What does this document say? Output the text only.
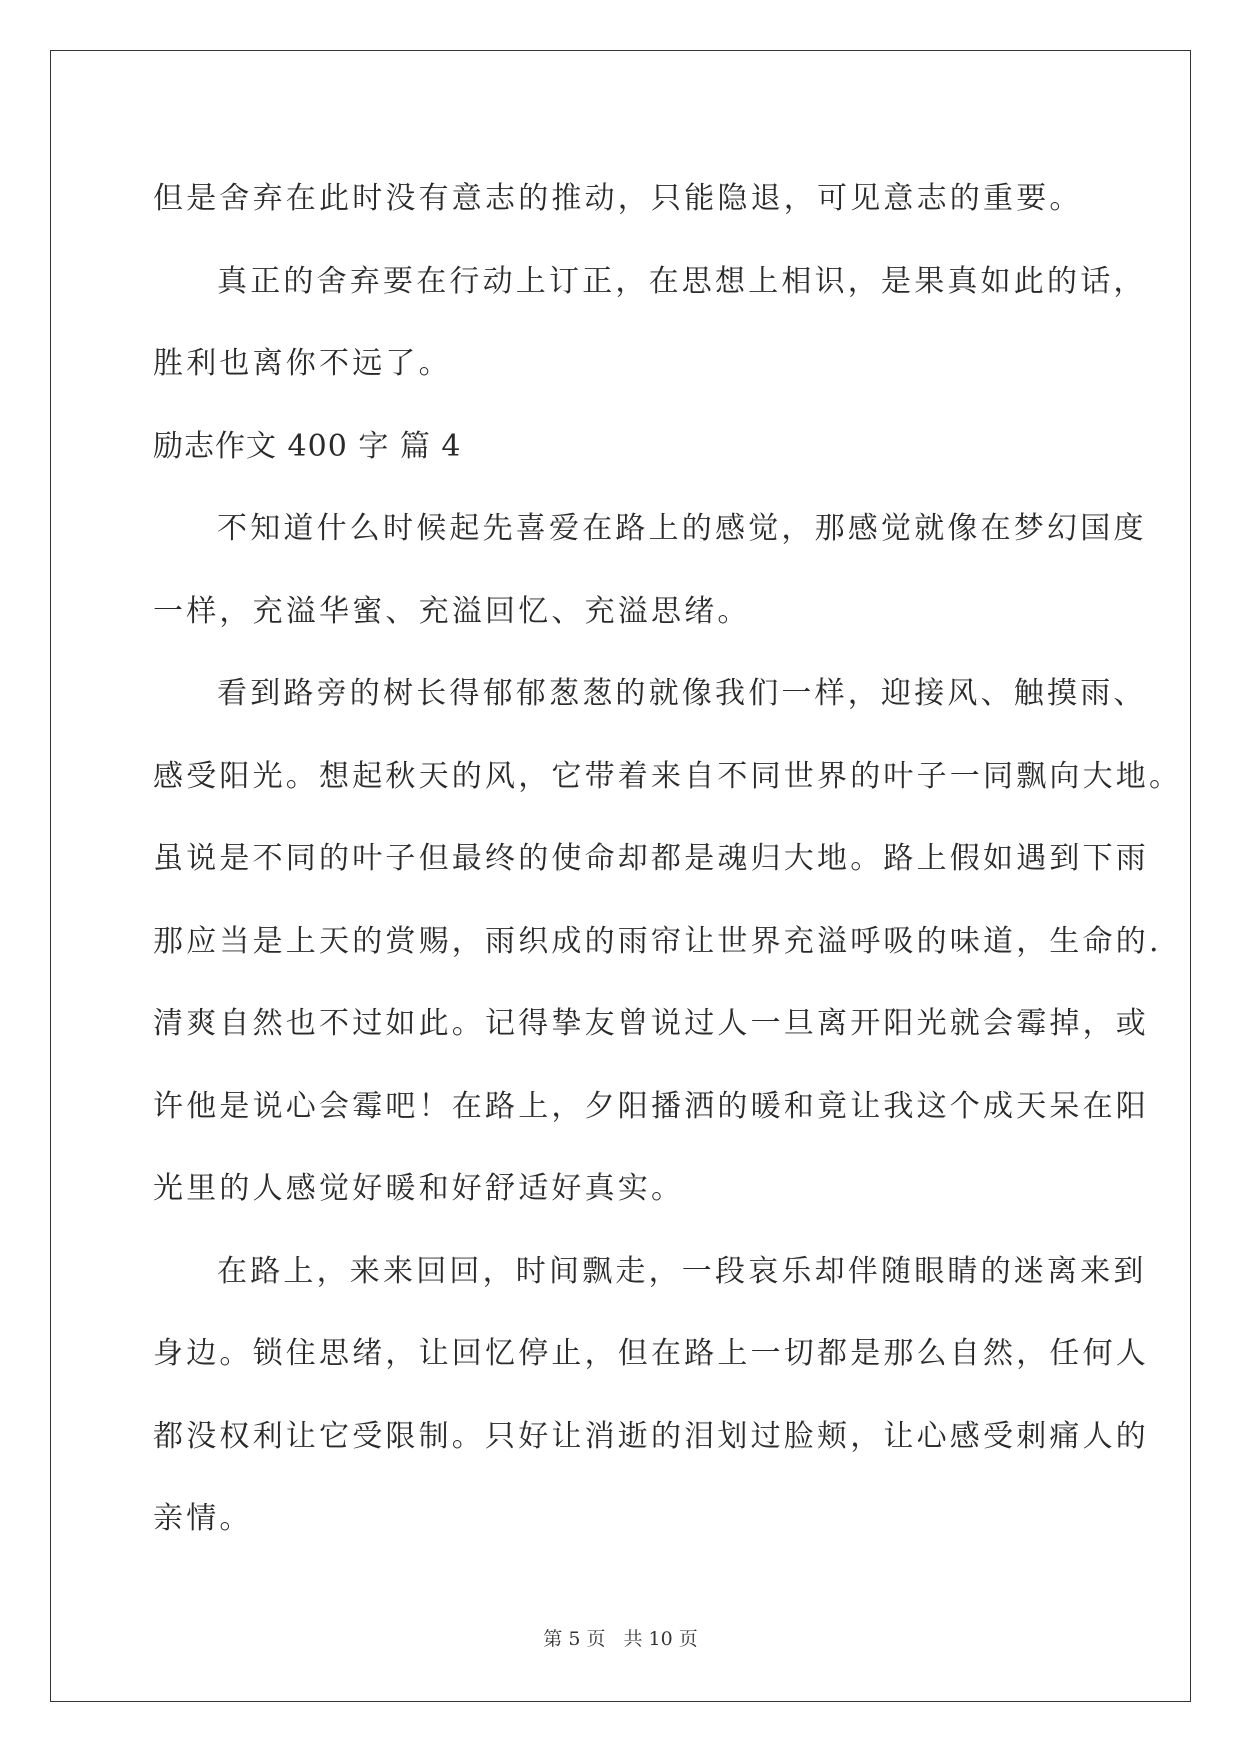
但是舍弃在此时没有意志的推动，只能隐退，可见意志的重要。
真正的舍弃要在行动上订正，在思想上相识，是果真如此的话，
胜利也离你不远了。
励志作文 400 字 篇 4
不知道什么时候起先喜爱在路上的感觉，那感觉就像在梦幻国度
一样，充溢华蜜、充溢回忆、充溢思绪。
看到路旁的树长得郁郁葱葱的就像我们一样，迎接风、触摸雨、
感受阳光。想起秋天的风，它带着来自不同世界的叶子一同飘向大地。
虽说是不同的叶子但最终的使命却都是魂归大地。路上假如遇到下雨
那应当是上天的赏赐，雨织成的雨帘让世界充溢呼吸的味道，生命的.
清爽自然也不过如此。记得挚友曾说过人一旦离开阳光就会霉掉，或
许他是说心会霉吧！在路上，夕阳播洒的暖和竟让我这个成天呆在阳
光里的人感觉好暖和好舒适好真实。
在路上，来来回回，时间飘走，一段哀乐却伴随眼睛的迷离来到
身边。锁住思绪，让回忆停止，但在路上一切都是那么自然，任何人
都没权利让它受限制。只好让消逝的泪划过脸颊，让心感受刺痛人的
亲情。
第 5 页 共 10 页
